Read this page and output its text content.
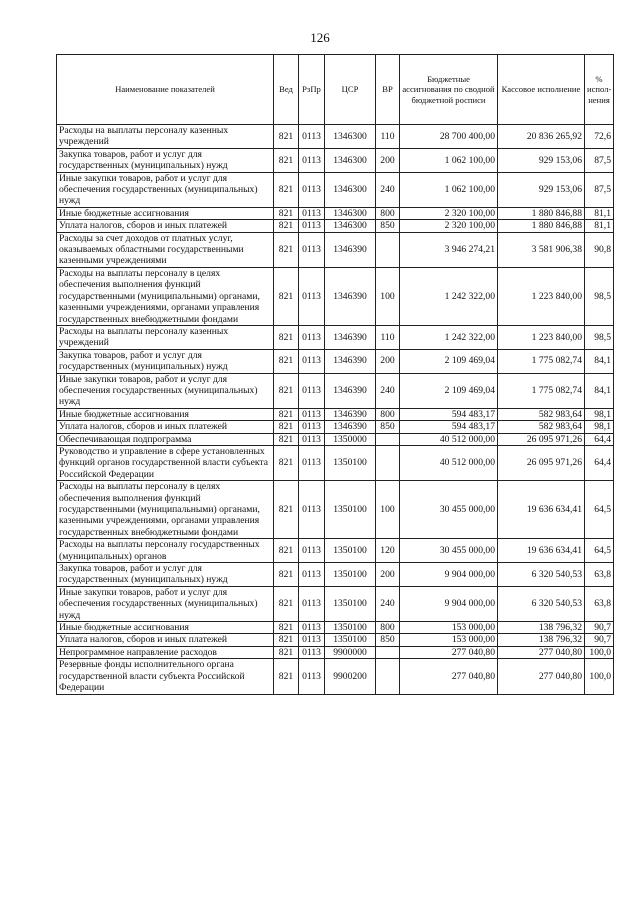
126
Наименование показателей	Вед	РзПр	ЦСР	ВР	Бюджетные ассигнования по сводной бюджетной росписи	Кассовое исполнение	% испол-нения
Расходы на выплаты персоналу казенных учреждений	821	0113	1346300	110	28 700 400,00	20 836 265,92	72,6
Закупка товаров, работ и услуг для государственных (муниципальных) нужд	821	0113	1346300	200	1 062 100,00	929 153,06	87,5
Иные закупки товаров, работ и услуг для обеспечения государственных (муниципальных) нужд	821	0113	1346300	240	1 062 100,00	929 153,06	87,5
Иные бюджетные ассигнования	821	0113	1346300	800	2 320 100,00	1 880 846,88	81,1
Уплата налогов, сборов и иных платежей	821	0113	1346300	850	2 320 100,00	1 880 846,88	81,1
Расходы за счет доходов от платных услуг, оказываемых областными государственными казенными учреждениями	821	0113	1346390		3 946 274,21	3 581 906,38	90,8
Расходы на выплаты персоналу в целях обеспечения выполнения функций государственными (муниципальными) органами, казенными учреждениями, органами управления государственных внебюджетными фондами	821	0113	1346390	100	1 242 322,00	1 223 840,00	98,5
Расходы на выплаты персоналу казенных учреждений	821	0113	1346390	110	1 242 322,00	1 223 840,00	98,5
Закупка товаров, работ и услуг для государственных (муниципальных) нужд	821	0113	1346390	200	2 109 469,04	1 775 082,74	84,1
Иные закупки товаров, работ и услуг для обеспечения государственных (муниципальных) нужд	821	0113	1346390	240	2 109 469,04	1 775 082,74	84,1
Иные бюджетные ассигнования	821	0113	1346390	800	594 483,17	582 983,64	98,1
Уплата налогов, сборов и иных платежей	821	0113	1346390	850	594 483,17	582 983,64	98,1
Обеспечивающая подпрограмма	821	0113	1350000		40 512 000,00	26 095 971,26	64,4
Руководство и управление в сфере установленных функций органов государственной власти субъекта Российской Федерации	821	0113	1350100		40 512 000,00	26 095 971,26	64,4
Расходы на выплаты персоналу в целях обеспечения выполнения функций государственными (муниципальными) органами, казенными учреждениями, органами управления государственных внебюджетными фондами	821	0113	1350100	100	30 455 000,00	19 636 634,41	64,5
Расходы на выплаты персоналу государственных (муниципальных) органов	821	0113	1350100	120	30 455 000,00	19 636 634,41	64,5
Закупка товаров, работ и услуг для государственных (муниципальных) нужд	821	0113	1350100	200	9 904 000,00	6 320 540,53	63,8
Иные закупки товаров, работ и услуг для обеспечения государственных (муниципальных) нужд	821	0113	1350100	240	9 904 000,00	6 320 540,53	63,8
Иные бюджетные ассигнования	821	0113	1350100	800	153 000,00	138 796,32	90,7
Уплата налогов, сборов и иных платежей	821	0113	1350100	850	153 000,00	138 796,32	90,7
Непрограммное направление расходов	821	0113	9900000		277 040,80	277 040,80	100,0
Резервные фонды исполнительного органа государственной власти субъекта Российской Федерации	821	0113	9900200		277 040,80	277 040,80	100,0
